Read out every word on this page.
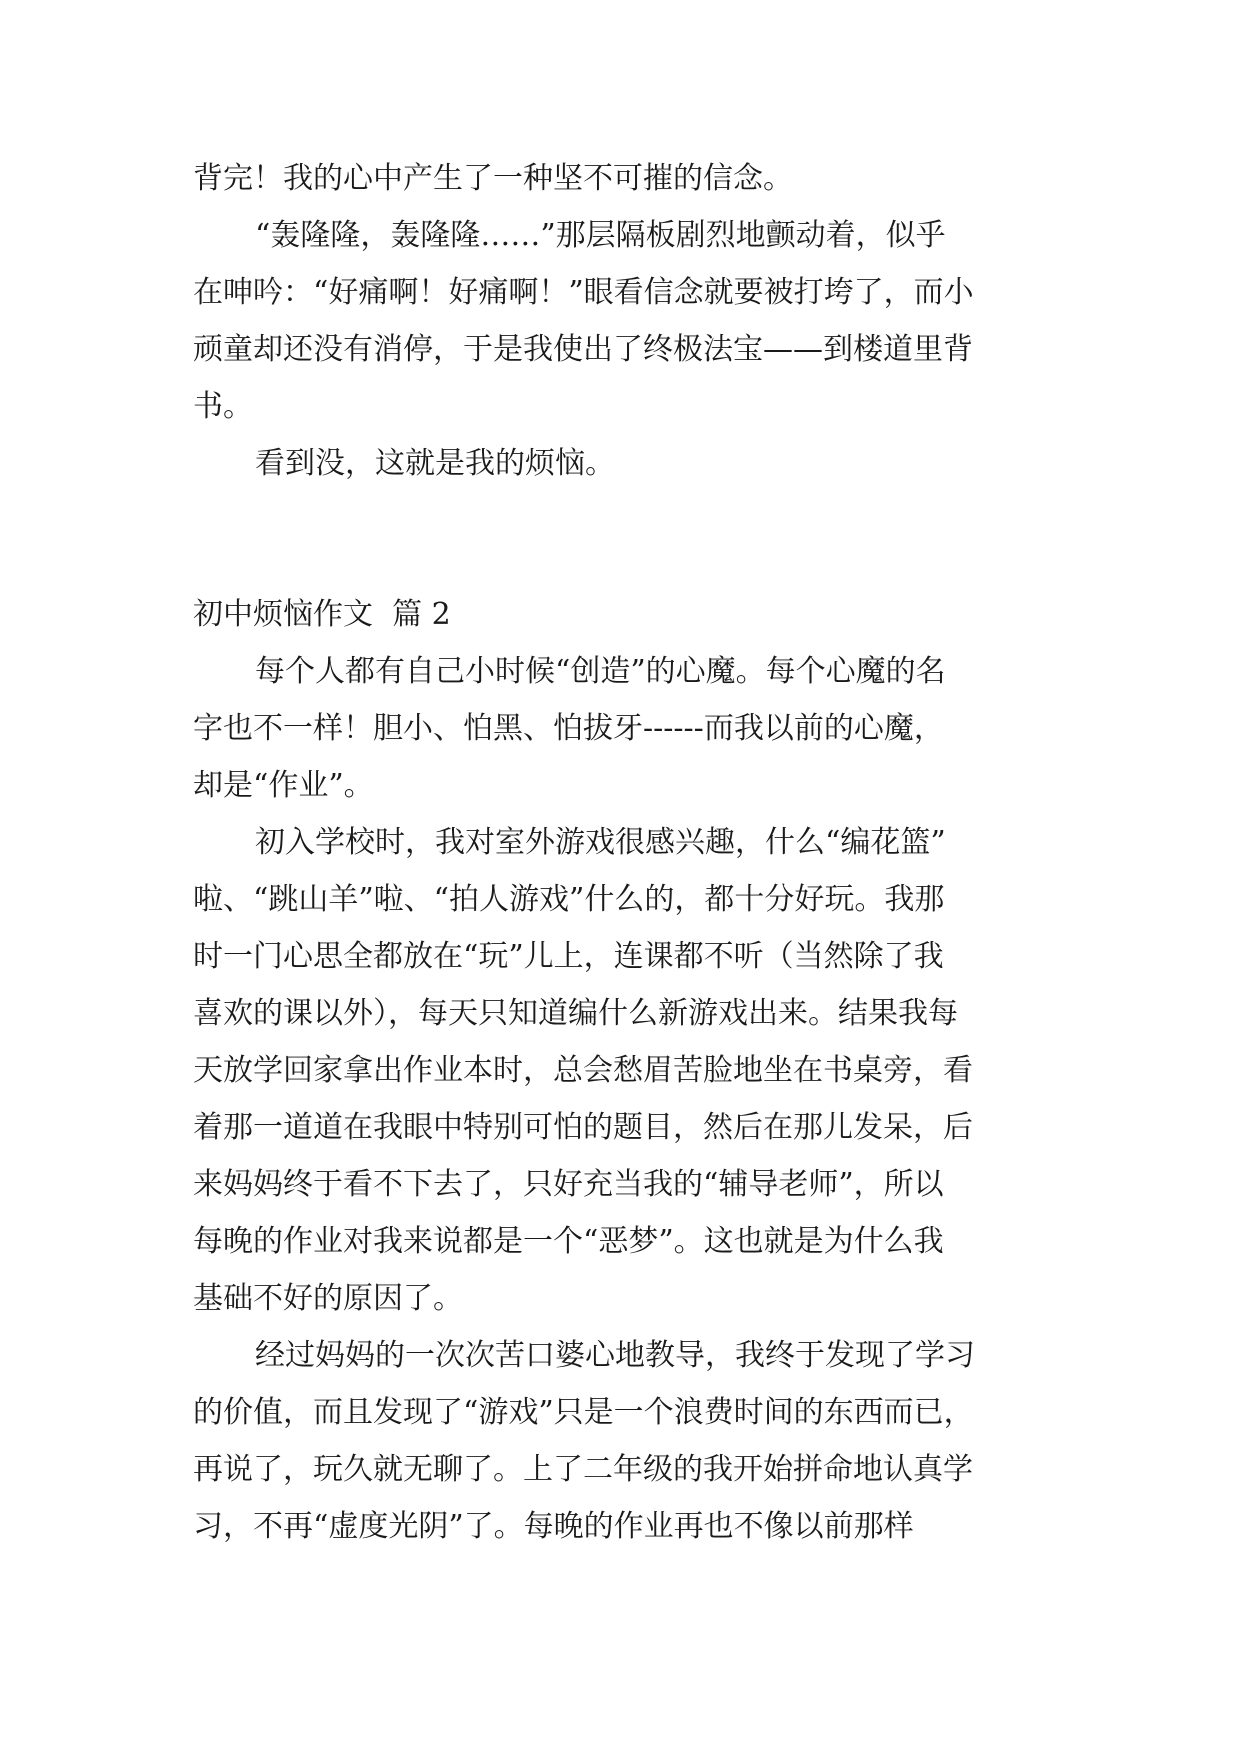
背完！我的心中产生了一种坚不可摧的信念。

“轰隆隆，轰隆隆……”那层隔板剧烈地颤动着，似乎

在呻吟：“好痛啊！好痛啊！”眼看信念就要被打垮了，而小

顽童却还没有消停，于是我使出了终极法宝——到楼道里背

书。

看到没，这就是我的烦恼。

初中烦恼作文  篇 2

每个人都有自己小时候“创造”的心魔。每个心魔的名

字也不一样！胆小、怕黑、怕拔牙------而我以前的心魔，

却是“作业”。

初入学校时，我对室外游戏很感兴趣，什么“编花篮”

啦、“跳山羊”啦、“拍人游戏”什么的，都十分好玩。我那

时一门心思全都放在“玩”儿上，连课都不听（当然除了我

喜欢的课以外），每天只知道编什么新游戏出来。结果我每

天放学回家拿出作业本时，总会愁眉苦脸地坐在书桌旁，看

着那一道道在我眼中特别可怕的题目，然后在那儿发呆，后

来妈妈终于看不下去了，只好充当我的“辅导老师”，所以

每晚的作业对我来说都是一个“恶梦”。这也就是为什么我

基础不好的原因了。

经过妈妈的一次次苦口婆心地教导，我终于发现了学习

的价值，而且发现了“游戏”只是一个浪费时间的东西而已，

再说了，玩久就无聊了。上了二年级的我开始拼命地认真学

习，不再“虚度光阴”了。每晚的作业再也不像以前那样
